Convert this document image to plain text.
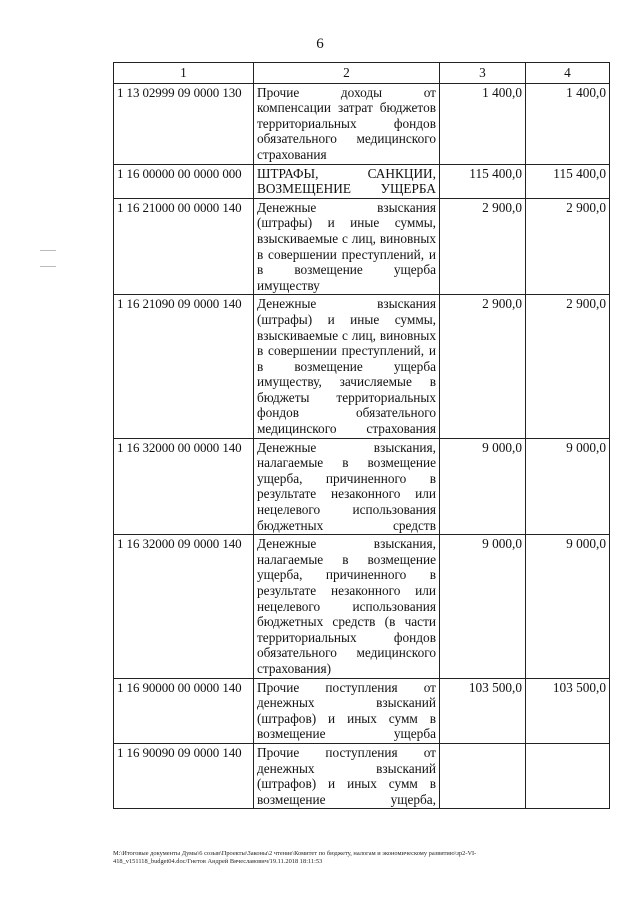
6
1	2	3	4
1 13 02999 09 0000 130	Прочие доходы от компенсации затрат бюджетов территориальных фондов обязательного медицинского страхования	1 400,0	1 400,0
1 16 00000 00 0000 000	ШТРАФЫ, САНКЦИИ, ВОЗМЕЩЕНИЕ УЩЕРБА	115 400,0	115 400,0
1 16 21000 00 0000 140	Денежные взыскания (штрафы) и иные суммы, взыскиваемые с лиц, виновных в совершении преступлений, и в возмещение ущерба имуществу	2 900,0	2 900,0
1 16 21090 09 0000 140	Денежные взыскания (штрафы) и иные суммы, взыскиваемые с лиц, виновных в совершении преступлений, и в возмещение ущерба имуществу, зачисляемые в бюджеты территориальных фондов обязательного медицинского страхования	2 900,0	2 900,0
1 16 32000 00 0000 140	Денежные взыскания, налагаемые в возмещение ущерба, причиненного в результате незаконного или нецелевого использования бюджетных средств	9 000,0	9 000,0
1 16 32000 09 0000 140	Денежные взыскания, налагаемые в возмещение ущерба, причиненного в результате незаконного или нецелевого использования бюджетных средств (в части территориальных фондов обязательного медицинского страхования)	9 000,0	9 000,0
1 16 90000 00 0000 140	Прочие поступления от денежных взысканий (штрафов) и иных сумм в возмещение ущерба	103 500,0	103 500,0
1 16 90090 09 0000 140	Прочие поступления от денежных взысканий (штрафов) и иных сумм в возмещение ущерба,		
М:\Итоговые документы Думы\6 созыв\Проекты\Законы\2 чтение\Комитет по бюджету, налогам и экономическому развитию\зр2-VI-
418_v151118_budget04.doc/Гнетов Андрей Вячеславович/19.11.2018 18:11:53
